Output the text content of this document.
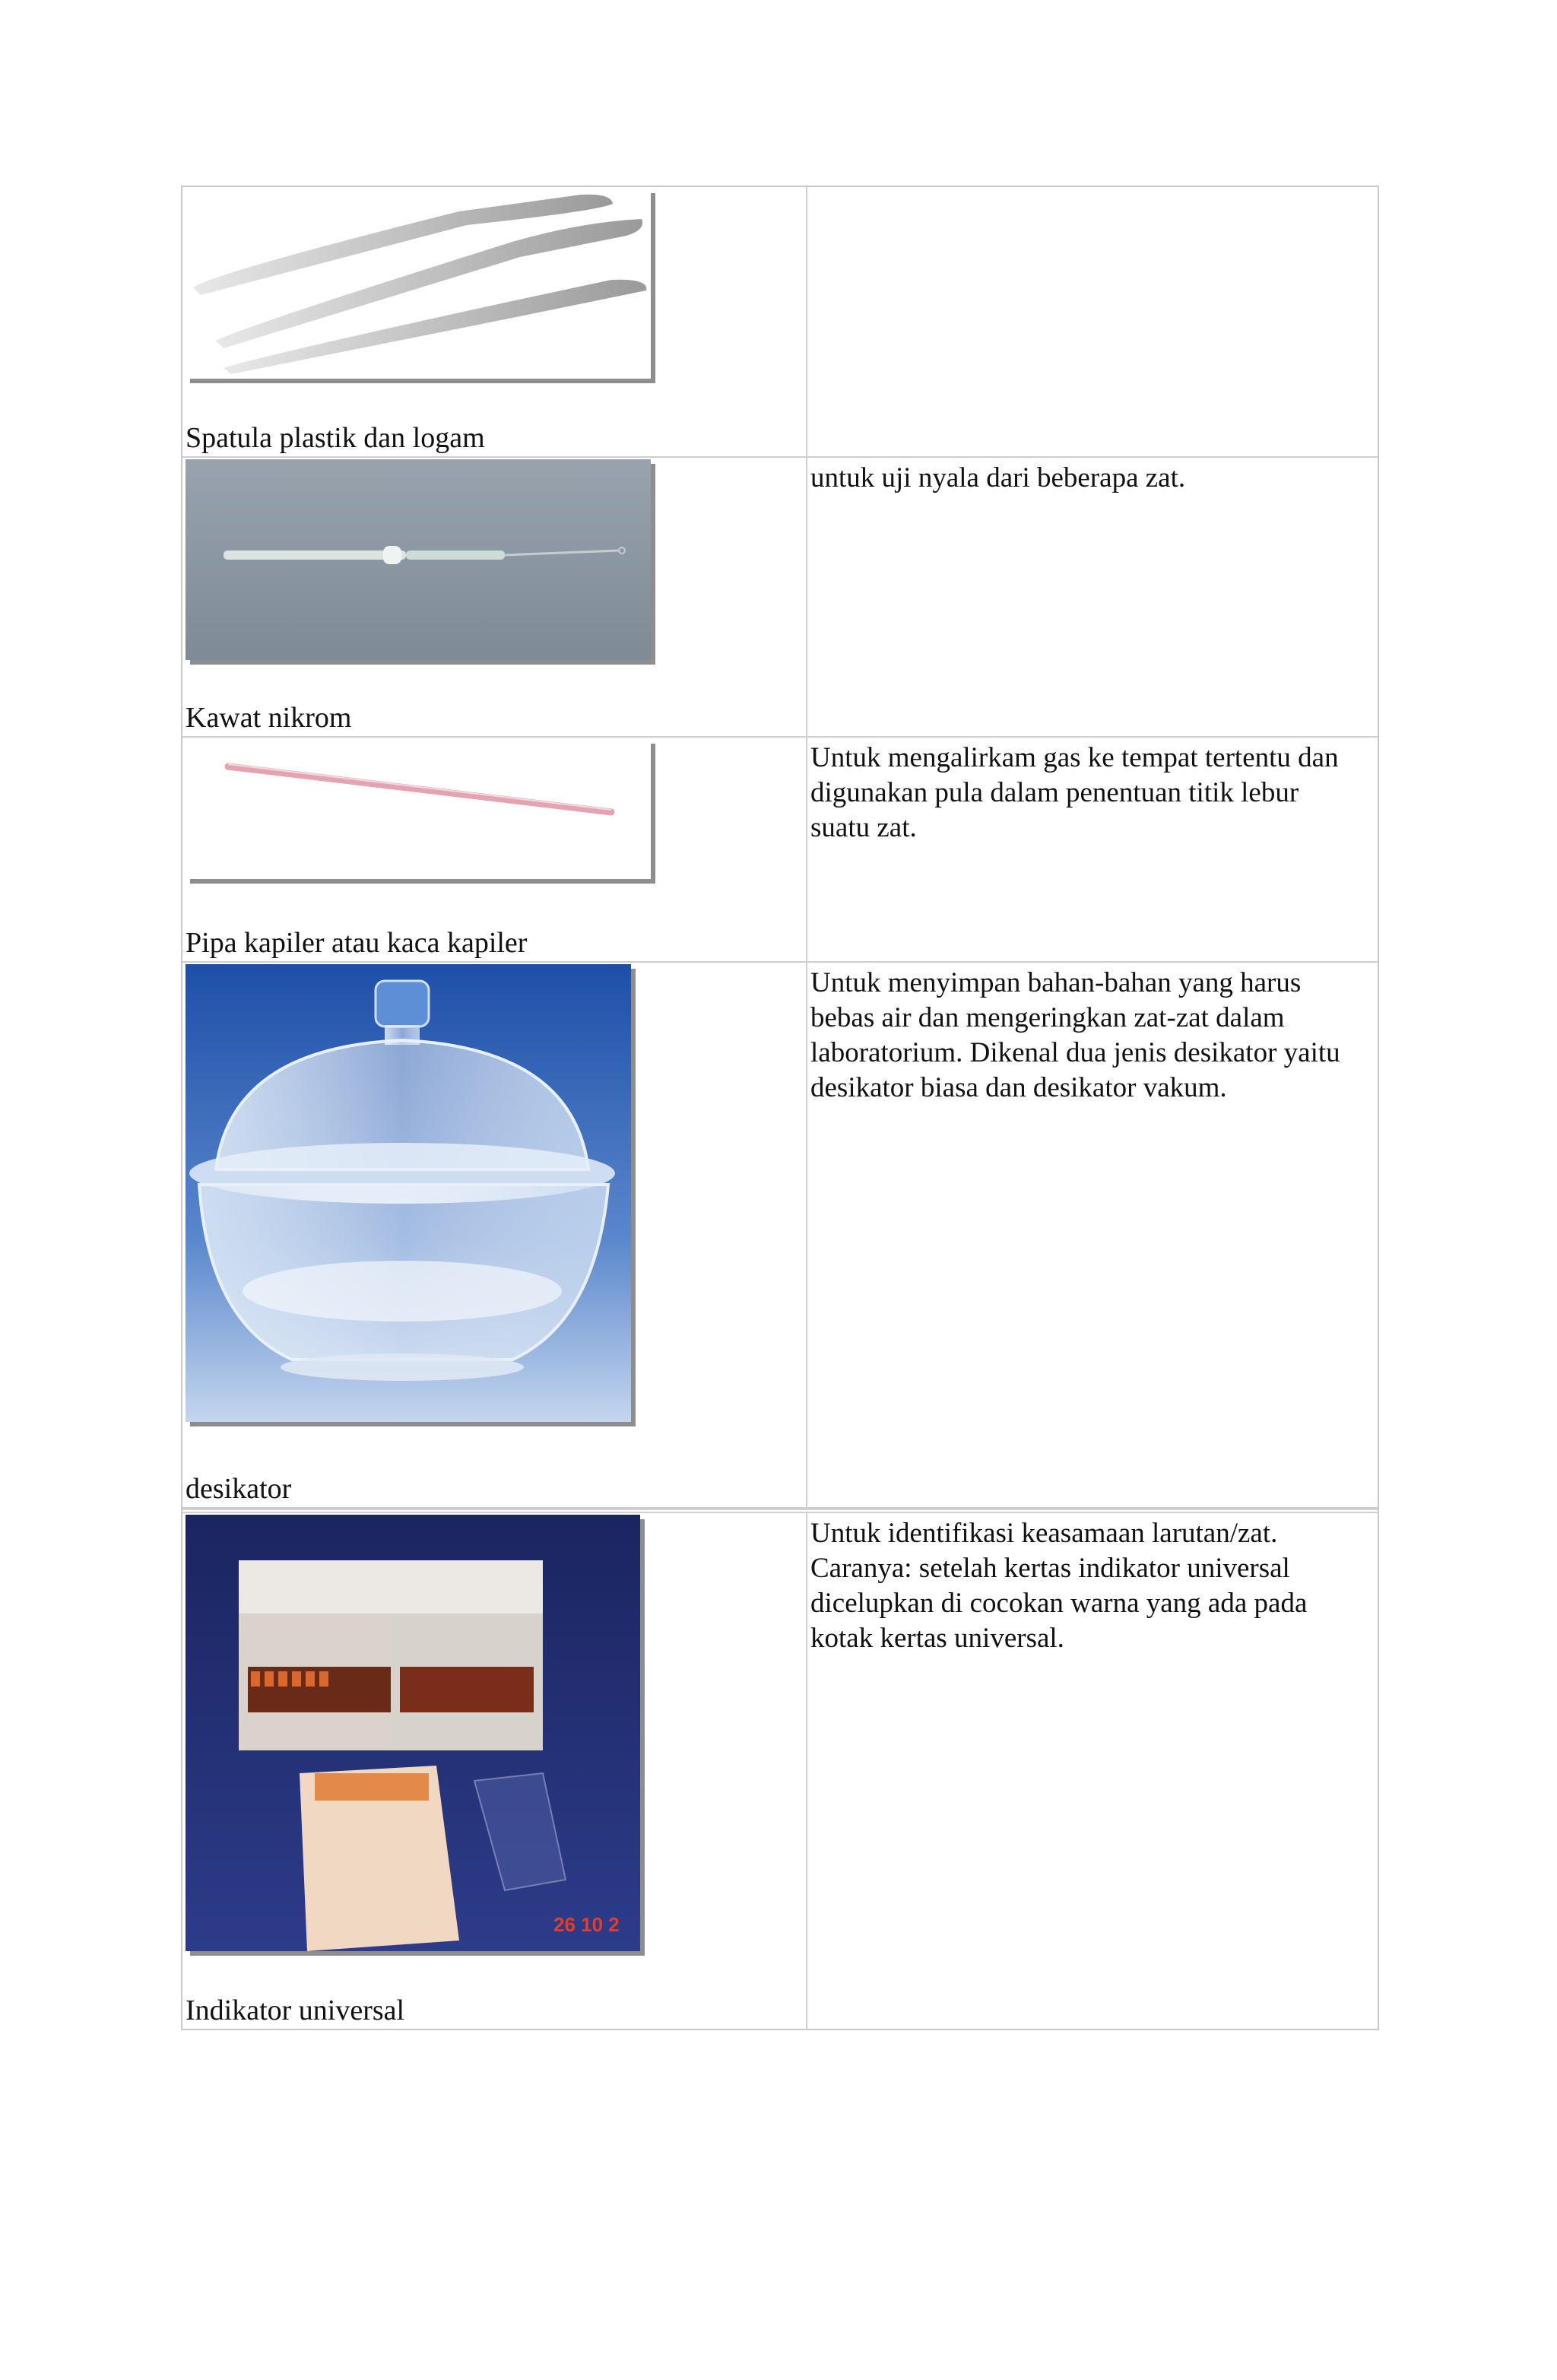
Spatula plastik dan logam

Kawat nikrom

untuk uji nyala dari beberapa zat.

Pipa kapiler atau kaca kapiler

Untuk mengalirkam gas ke tempat tertentu dan digunakan pula dalam penentuan titik lebur suatu zat.

desikator

Untuk menyimpan bahan-bahan yang harus bebas air dan mengeringkan zat-zat dalam laboratorium. Dikenal dua jenis desikator yaitu desikator biasa dan desikator vakum.

26 10 2
Indikator universal

Untuk identifikasi keasamaan larutan/zat. Caranya: setelah kertas indikator universal dicelupkan di cocokan warna yang ada pada kotak kertas universal.
